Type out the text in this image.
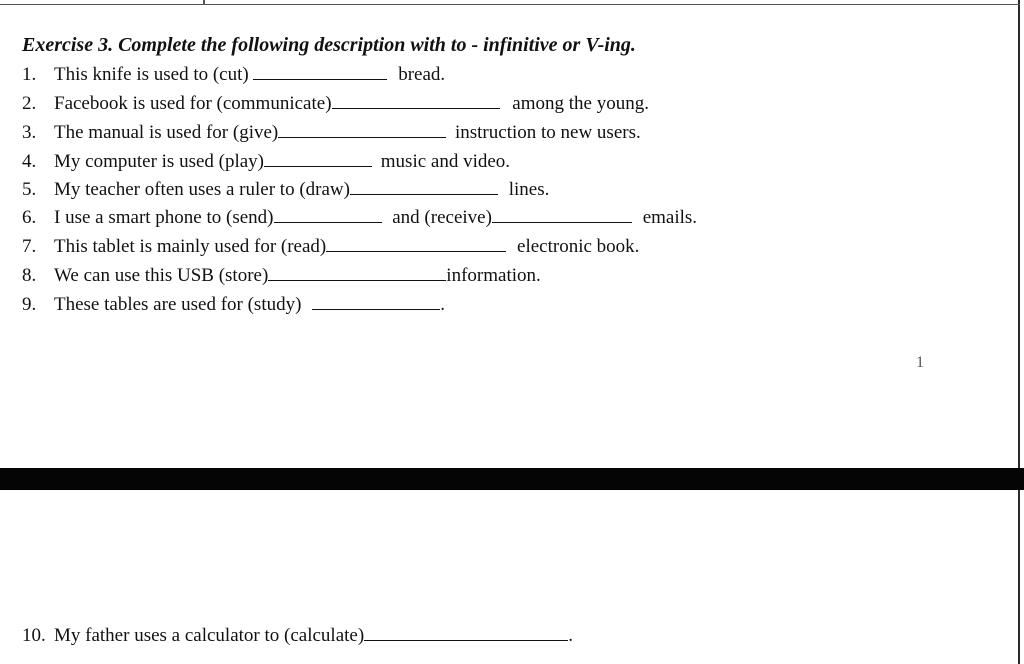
Exercise 3. Complete the following description with to - infinitive or V-ing.
1. This knife is used to (cut)	bread.
2. Facebook is used for (communicate)	among the young.
3. The manual is used for (give)	instruction to new users.
4. My computer is used (play)	music and video.
5. My teacher often uses a ruler to (draw)	lines.
6. I use a smart phone to (send)	and (receive)	emails.
7. This tablet is mainly used for (read)	electronic book.
8. We can use this USB (store)	information.
9. These tables are used for (study)	.
1
10. My father uses a calculator to (calculate)	.
